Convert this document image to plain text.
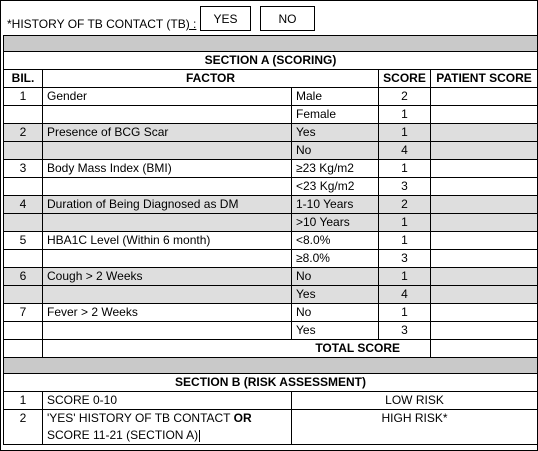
*HISTORY OF TB CONTACT (TB) :	YES	NO

SECTION A (SCORING)				
BIL.	FACTOR		SCORE	PATIENT SCORE
1	Gender	Male	2	
		Female	1	
2	Presence of BCG Scar	Yes	1	
		No	4	
3	Body Mass Index (BMI)	≥23 Kg/m2	1	
		<23 Kg/m2	3	
4	Duration of Being Diagnosed as DM	1-10 Years	2	
		>10 Years	1	
5	HBA1C Level (Within 6 month)	<8.0%	1	
		≥8.0%	3	
6	Cough > 2 Weeks	No	1	
		Yes	4	
7	Fever > 2 Weeks	No	1	
		Yes	3	
	TOTAL SCORE			

SECTION B (RISK ASSESSMENT)				
1	SCORE 0-10	LOW RISK		
2	'YES' HISTORY OF TB CONTACT OR
SCORE 11-21 (SECTION A)	HIGH RISK*		
